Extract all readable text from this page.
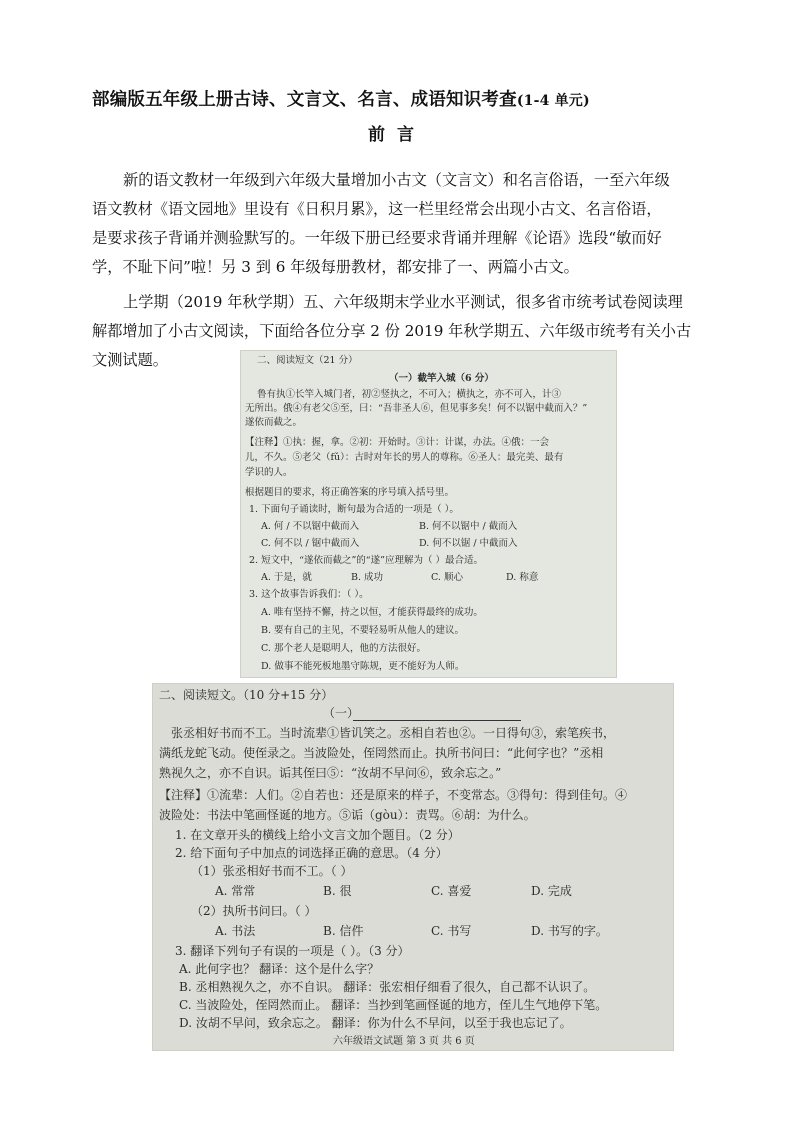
部编版五年级上册古诗、文言文、名言、成语知识考查(1-4 单元)
前言
新的语文教材一年级到六年级大量增加小古文（文言文）和名言俗语，一至六年级
语文教材《语文园地》里设有《日积月累》，这一栏里经常会出现小古文、名言俗语，
是要求孩子背诵并测验默写的。一年级下册已经要求背诵并理解《论语》选段“敏而好
学，不耻下问”啦！另 3 到 6 年级每册教材，都安排了一、两篇小古文。
上学期（2019 年秋学期）五、六年级期末学业水平测试，很多省市统考试卷阅读理
解都增加了小古文阅读，下面给各位分享 2 份 2019 年秋学期五、六年级市统考有关小古
文测试题。	二、阅读短文（21 分）
（一）截竿入城（6 分）
鲁有执①长竿入城门者，初②竖执之，不可入；横执之，亦不可入，计③
无所出。俄④有老父⑤至，曰：“吾非圣人⑥，但见事多矣！何不以锯中截而入？”
遂依而截之。
【注释】①执：握，拿。②初：开始时。③计：计谋，办法。④俄：一会
儿，不久。⑤老父（fǔ）：古时对年长的男人的尊称。⑥圣人：最完美、最有
学识的人。
根据题目的要求，将正确答案的序号填入括号里。
1. 下面句子诵读时，断句最为合适的一项是（ ）。
A. 何 / 不以锯中截而入	B. 何不以锯中 / 截而入
C. 何不以 / 锯中截而入	D. 何不以锯 / 中截而入
2. 短文中，“遂依而截之”的“遂”应理解为（ ）最合适。
A. 于是，就	B. 成功	C. 顺心	D. 称意
3. 这个故事告诉我们：（ ）。
A. 唯有坚持不懈，持之以恒，才能获得最终的成功。
B. 要有自己的主见，不要轻易听从他人的建议。
C. 那个老人是聪明人，他的方法很好。
D. 做事不能死板地墨守陈规，更不能好为人师。
二、阅读短文。（10 分+15 分）
（一）
张丞相好书而不工。当时流辈①皆讥笑之。丞相自若也②。一日得句③，索笔疾书，
满纸龙蛇飞动。使侄录之。当波险处，侄罔然而止。执所书问曰：“此何字也？”丞相
熟视久之，亦不自识。诟其侄曰⑤：“汝胡不早问⑥，致余忘之。”
【注释】①流辈：人们。②自若也：还是原来的样子，不变常态。③得句：得到佳句。④
波险处：书法中笔画怪诞的地方。⑤诟（gòu）：责骂。⑥胡：为什么。
1. 在文章开头的横线上给小文言文加个题目。（2 分）
2. 给下面句子中加点的词选择正确的意思。（4 分）
（1）张丞相好书而不工。（ ）
A. 常常	B. 很	C. 喜爱	D. 完成
（2）执所书问曰。（ ）
A. 书法	B. 信件	C. 书写	D. 书写的字。
3. 翻译下列句子有误的一项是（ ）。（3 分）
A. 此何字也？ 翻译：这个是什么字？
B. 丞相熟视久之，亦不自识。 翻译：张宏相仔细看了很久，自己都不认识了。
C. 当波险处，侄罔然而止。 翻译：当抄到笔画怪诞的地方，侄儿生气地停下笔。
D. 汝胡不早问，致余忘之。 翻译：你为什么不早问，以至于我也忘记了。
六年级语文试题 第 3 页 共 6 页
